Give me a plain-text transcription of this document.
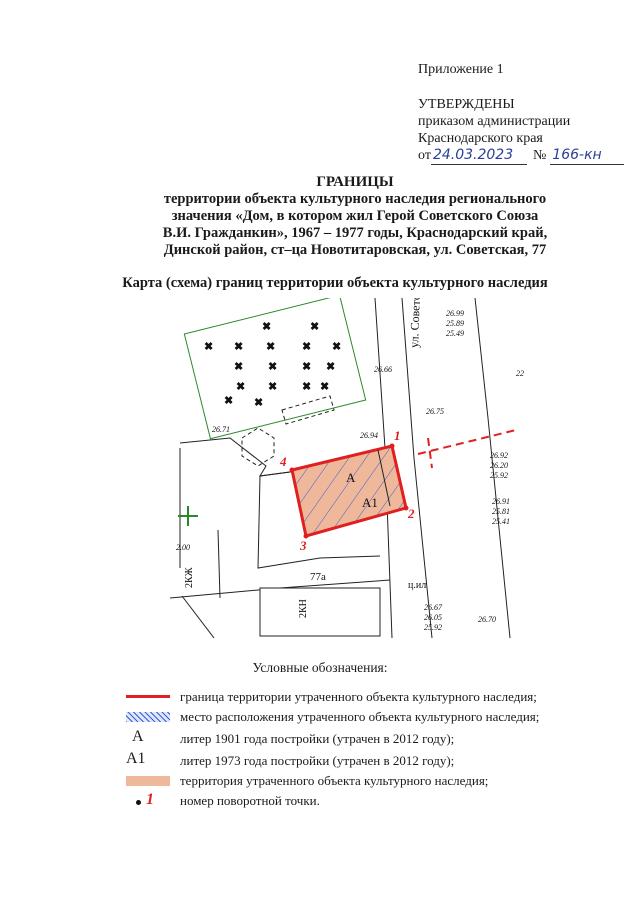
Приложение 1
УТВЕРЖДЕНЫ
приказом администрации
Краснодарского края
от 24.03.2023	№ 166-кн
ГРАНИЦЫ
территории объекта культурного наследия регионального
значения «Дом, в котором жил Герой Советского Союза
В.И. Гражданкин», 1967 – 1977 годы, Краснодарский край,
Динской район, ст–ца Новотитаровская, ул. Советская, 77
Карта (схема) границ территории объекта культурного наследия
✖	✖
✖ ✖ ✖ ✖ ✖
✖ ✖ ✖ ✖
✖ ✖ ✖ ✖
✖ ✖
А
А1
1
2
3
4
ул. Советская
77а
2КН
2КЖ	ц.ил
26.99
25.89
25.49
26.66
26.75
26.94
26.71
26.92
26.20
25.92
26.91
25.81
25.41
26.67
26.05
25.92
26.70
22
2.00
Условные обозначения:
граница территории утраченного объекта культурного наследия;
место расположения утраченного объекта культурного наследия;
А	литер 1901 года постройки (утрачен в 2012 году);
А1	литер 1973 года постройки (утрачен в 2012 году);
территория утраченного объекта культурного наследия;
1 номер поворотной точки.
